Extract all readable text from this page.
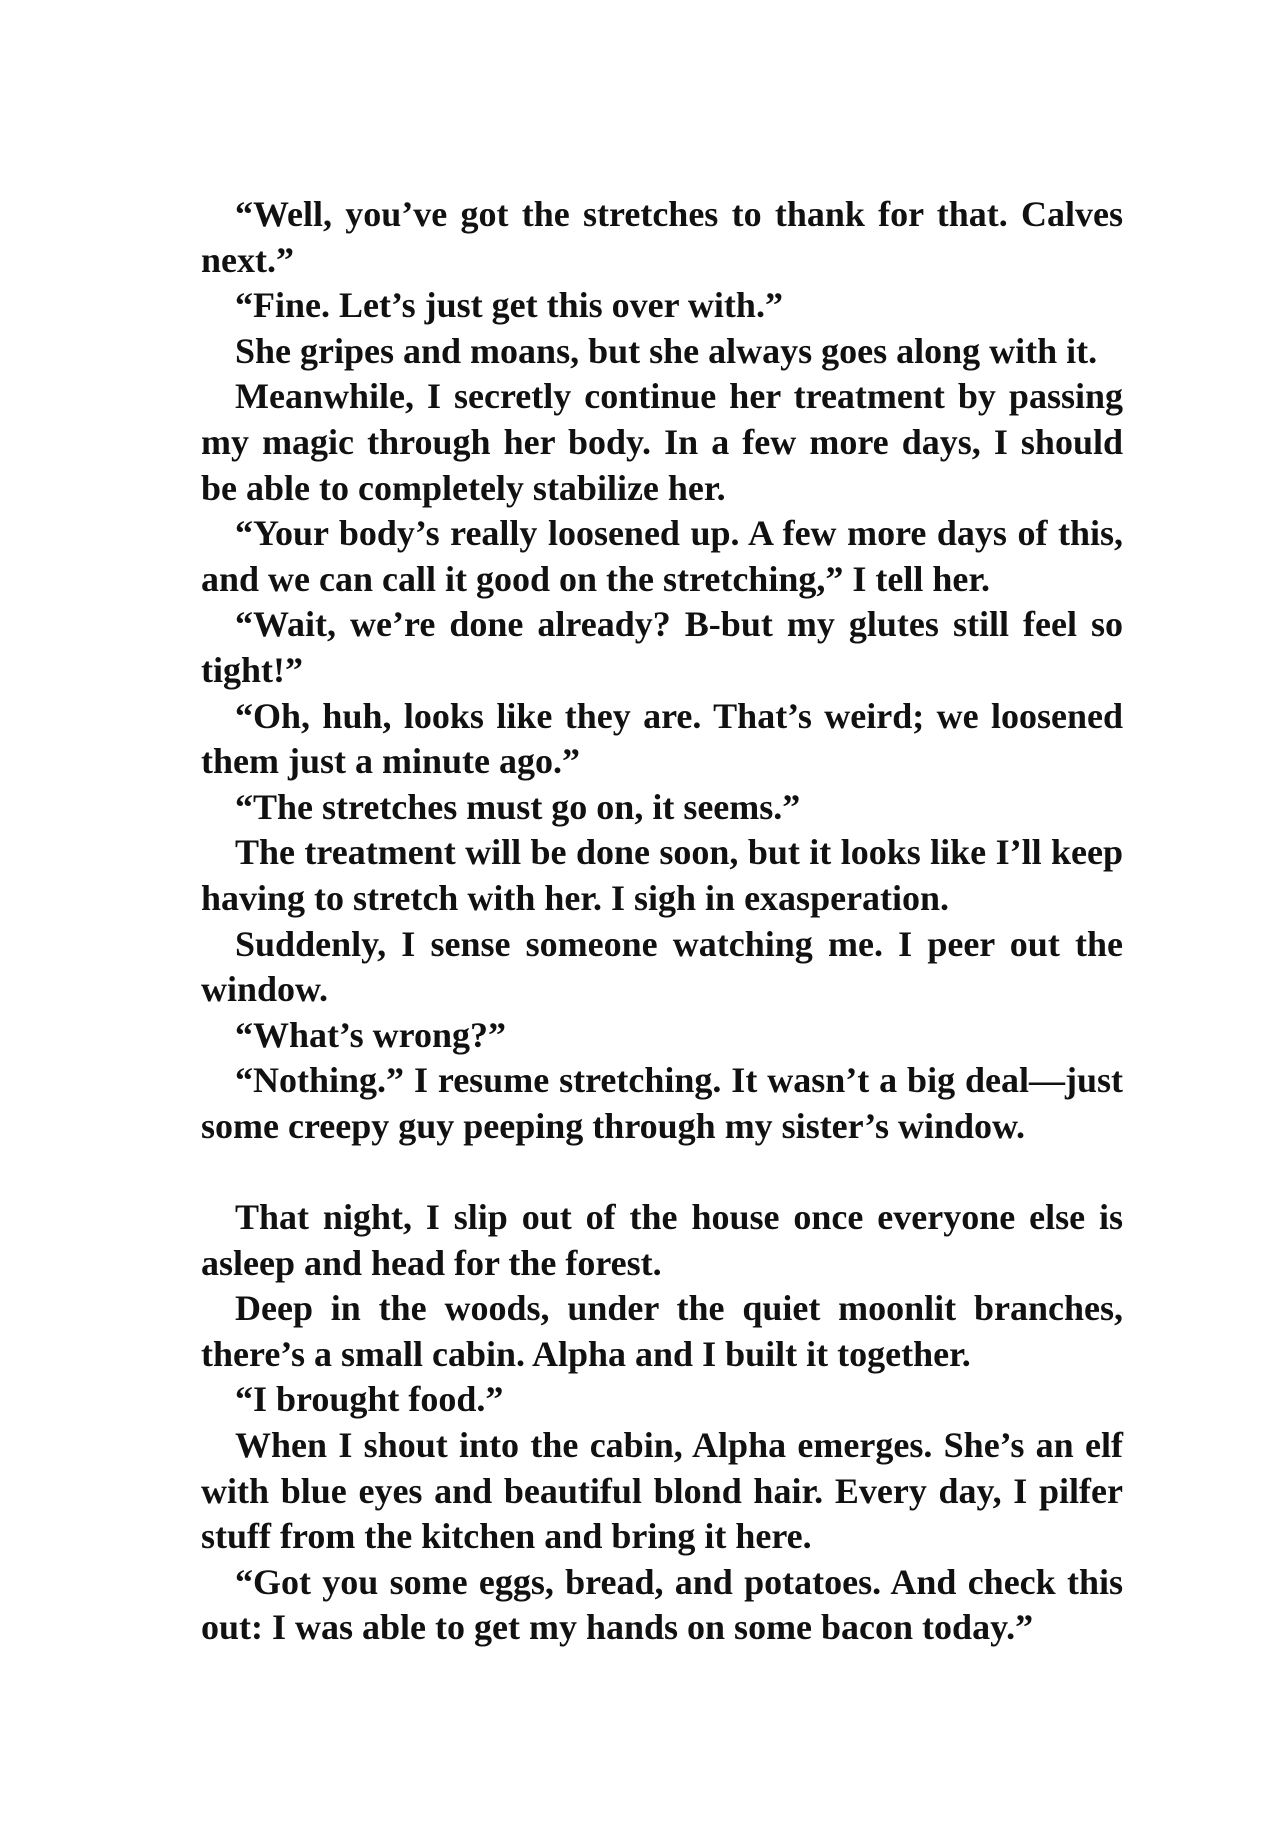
“Well, you’ve got the stretches to thank for that. Calves next.”

“Fine. Let’s just get this over with.”

She gripes and moans, but she always goes along with it.

Meanwhile, I secretly continue her treatment by passing my magic through her body. In a few more days, I should be able to completely stabilize her.

“Your body’s really loosened up. A few more days of this, and we can call it good on the stretching,” I tell her.

“Wait, we’re done already? B-but my glutes still feel so tight!”

“Oh, huh, looks like they are. That’s weird; we loosened them just a minute ago.”

“The stretches must go on, it seems.”

The treatment will be done soon, but it looks like I’ll keep having to stretch with her. I sigh in exasperation.

Suddenly, I sense someone watching me. I peer out the window.

“What’s wrong?”

“Nothing.” I resume stretching. It wasn’t a big deal—just some creepy guy peeping through my sister’s window.

That night, I slip out of the house once everyone else is asleep and head for the forest.

Deep in the woods, under the quiet moonlit branches, there’s a small cabin. Alpha and I built it together.

“I brought food.”

When I shout into the cabin, Alpha emerges. She’s an elf with blue eyes and beautiful blond hair. Every day, I pilfer stuff from the kitchen and bring it here.

“Got you some eggs, bread, and potatoes. And check this out: I was able to get my hands on some bacon today.”
